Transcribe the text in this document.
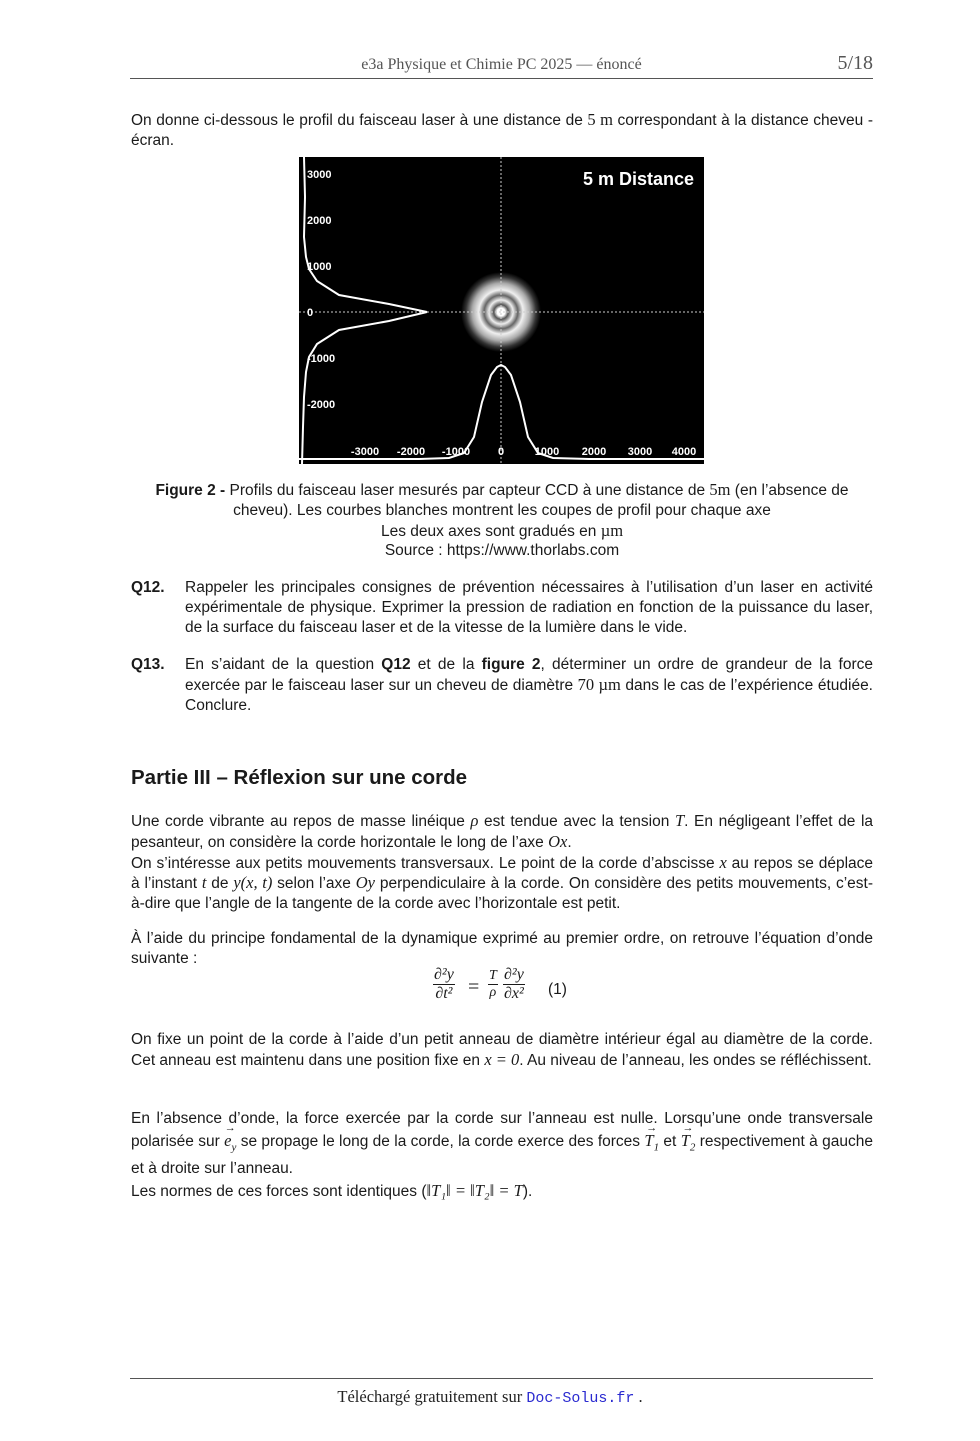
e3a Physique et Chimie PC 2025 — énoncé	5/18
On donne ci-dessous le profil du faisceau laser à une distance de 5 m correspondant à la distance cheveu - écran.
5 m Distance
3000
2000
1000
0
-1000
-2000
-3000 -2000 -1000	0	1000 2000 3000 4000
Figure 2 - Profils du faisceau laser mesurés par capteur CCD à une distance de 5m (en l’absence de cheveu). Les courbes blanches montrent les coupes de profil pour chaque axe
Les deux axes sont gradués en µm
Source : https://www.thorlabs.com
Q12. Rappeler les principales consignes de prévention nécessaires à l’utilisation d’un laser en activité expérimentale de physique. Exprimer la pression de radiation en fonction de la puissance du laser, de la surface du faisceau laser et de la vitesse de la lumière dans le vide.
Q13. En s’aidant de la question Q12 et de la figure 2, déterminer un ordre de grandeur de la force exercée par le faisceau laser sur un cheveu de diamètre 70 µm dans le cas de l’expérience étudiée. Conclure.
Partie III – Réflexion sur une corde
Une corde vibrante au repos de masse linéique ρ est tendue avec la tension T. En négligeant l’effet de la pesanteur, on considère la corde horizontale le long de l’axe Ox.
On s’intéresse aux petits mouvements transversaux. Le point de la corde d’abscisse x au repos se déplace à l’instant t de y(x, t) selon l’axe Oy perpendiculaire à la corde. On considère des petits mouvements, c’est-à-dire que l’angle de la tangente de la corde avec l’horizontale est petit.
À l’aide du principe fondamental de la dynamique exprimé au premier ordre, on retrouve l’équation d’onde suivante :
$\frac{\text{∂²y}}{\text{∂t²}} = \frac{T}{\rho} \frac{\text{∂²y}}{\text{∂x²}} (1)$
On fixe un point de la corde à l’aide d’un petit anneau de diamètre intérieur égal au diamètre de la corde. Cet anneau est maintenu dans une position fixe en x = 0. Au niveau de l’anneau, les ondes se réfléchissent.
En l’absence d’onde, la force exercée par la corde sur l’anneau est nulle. Lorsqu’une onde transversale polarisée sur → $e_y$ se propage le long de la corde, la corde exerce des forces → $T_1$ et → $T_2$ respectivement à gauche et à droite sur l’anneau.
Les normes de ces forces sont identiques (‖T₁‖ = ‖T₂‖ = T).
Téléchargé gratuitement sur Doc-Solus.fr .
